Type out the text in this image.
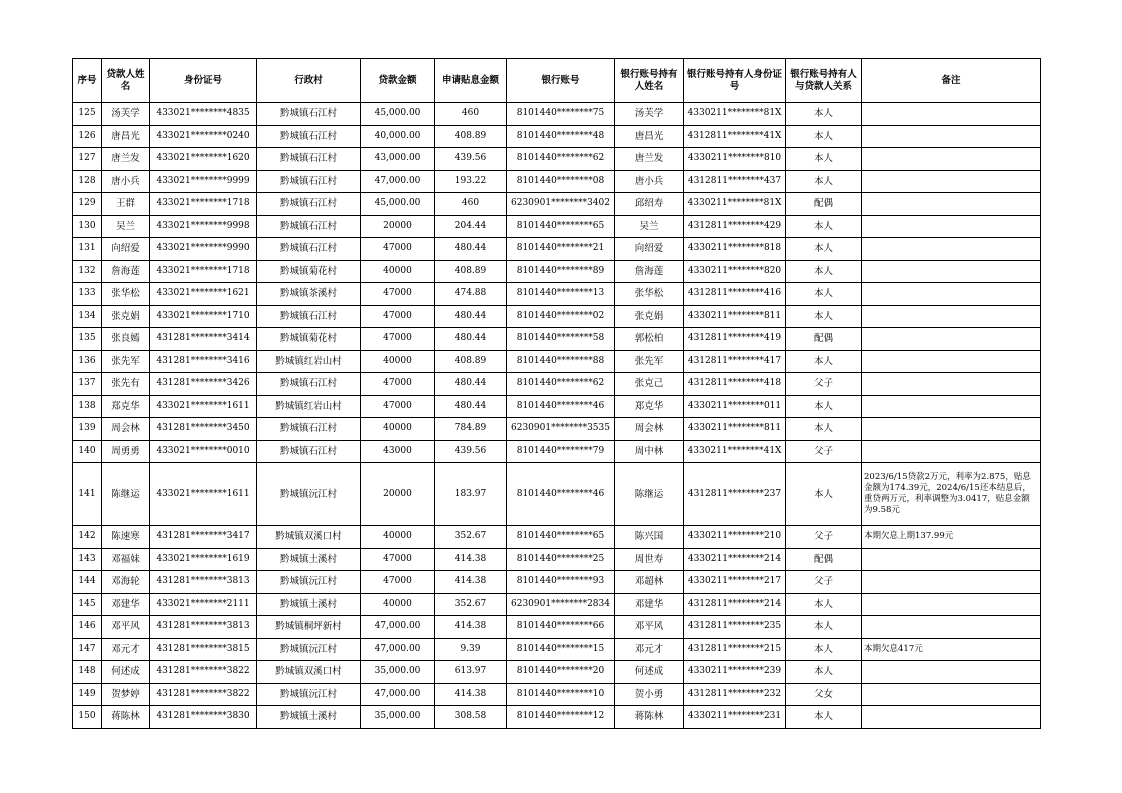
序号	贷款人姓名	身份证号	行政村	贷款金额	申请贴息金额	银行账号	银行账号持有人姓名	银行账号持有人身份证号	银行账号持有人与贷款人关系	备注
125	汤芙学	433021********4835	黔城镇石江村	45,000.00	460	8101440********75	汤芙学	4330211********81X	本人	
126	唐昌光	433021********0240	黔城镇石江村	40,000.00	408.89	8101440********48	唐昌光	4312811********41X	本人	
127	唐兰发	433021********1620	黔城镇石江村	43,000.00	439.56	8101440********62	唐兰发	4330211********810	本人	
128	唐小兵	433021********9999	黔城镇石江村	47,000.00	193.22	8101440********08	唐小兵	4312811********437	本人	
129	王群	433021********1718	黔城镇石江村	45,000.00	460	6230901********3402	邱绍寿	4330211********81X	配偶	
130	吴兰	433021********9998	黔城镇石江村	20000	204.44	8101440********65	吴兰	4312811********429	本人	
131	向绍爱	433021********9990	黔城镇石江村	47000	480.44	8101440********21	向绍爱	4330211********818	本人	
132	詹海莲	433021********1718	黔城镇菊花村	40000	408.89	8101440********89	詹海莲	4330211********820	本人	
133	张华松	433021********1621	黔城镇茶溪村	47000	474.88	8101440********13	张华松	4312811********416	本人	
134	张克娟	433021********1710	黔城镇石江村	47000	480.44	8101440********02	张克娟	4330211********811	本人	
135	张良嫣	431281********3414	黔城镇菊花村	47000	480.44	8101440********58	郭松柏	4312811********419	配偶	
136	张先军	431281********3416	黔城镇红岩山村	40000	408.89	8101440********88	张先军	4312811********417	本人	
137	张先有	431281********3426	黔城镇石江村	47000	480.44	8101440********62	张克己	4312811********418	父子	
138	郑克华	433021********1611	黔城镇红岩山村	47000	480.44	8101440********46	郑克华	4330211********011	本人	
139	周会林	431281********3450	黔城镇石江村	40000	784.89	6230901********3535	周会林	4330211********811	本人	
140	周勇勇	433021********0010	黔城镇石江村	43000	439.56	8101440********79	周中林	4330211********41X	父子	
141	陈继运	433021********1611	黔城镇沅江村	20000	183.97	8101440********46	陈继运	4312811********237	本人	2023/6/15贷款2万元，利率为2.875，贴息金额为174.39元，2024/6/15还本结息后，重贷两万元，利率调整为3.0417，贴息金额为9.58元
142	陈速寒	431281********3417	黔城镇双溪口村	40000	352.67	8101440********65	陈兴国	4330211********210	父子	本期欠息上期137.99元
143	邓福妹	433021********1619	黔城镇土溪村	47000	414.38	8101440********25	周世寿	4330211********214	配偶	
144	邓海轮	431281********3813	黔城镇沅江村	47000	414.38	8101440********93	邓超林	4330211********217	父子	
145	邓建华	433021********2111	黔城镇土溪村	40000	352.67	6230901********2834	邓建华	4312811********214	本人	
146	邓平风	431281********3813	黔城镇桐坪新村	47,000.00	414.38	8101440********66	邓平风	4312811********235	本人	
147	邓元才	431281********3815	黔城镇沅江村	47,000.00	9.39	8101440********15	邓元才	4312811********215	本人	本期欠息417元
148	何述成	431281********3822	黔城镇双溪口村	35,000.00	613.97	8101440********20	何述成	4330211********239	本人	
149	贺梦婷	431281********3822	黔城镇沅江村	47,000.00	414.38	8101440********10	贺小勇	4312811********232	父女	
150	蒋陈林	431281********3830	黔城镇土溪村	35,000.00	308.58	8101440********12	蒋陈林	4330211********231	本人	
